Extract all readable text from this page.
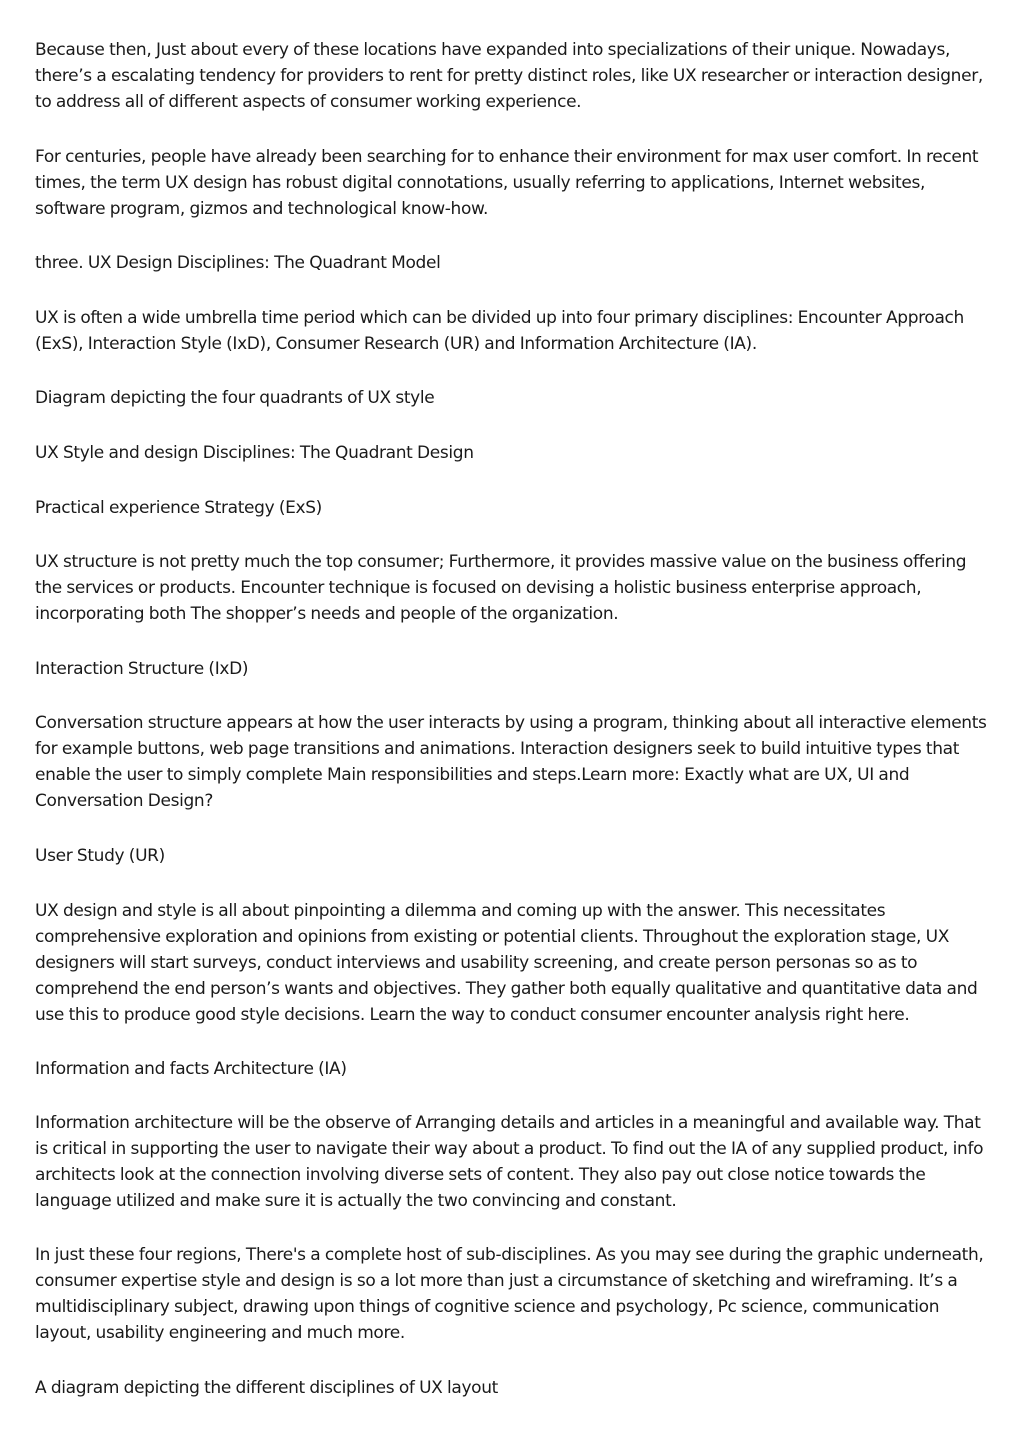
Because then, Just about every of these locations have expanded into specializations of their unique. Nowadays, there’s a escalating tendency for providers to rent for pretty distinct roles, like UX researcher or interaction designer, to address all of different aspects of consumer working experience.

For centuries, people have already been searching for to enhance their environment for max user comfort. In recent times, the term UX design has robust digital connotations, usually referring to applications, Internet websites, software program, gizmos and technological know-how.

three. UX Design Disciplines: The Quadrant Model

UX is often a wide umbrella time period which can be divided up into four primary disciplines: Encounter Approach (ExS), Interaction Style (IxD), Consumer Research (UR) and Information Architecture (IA).

Diagram depicting the four quadrants of UX style

UX Style and design Disciplines: The Quadrant Design

Practical experience Strategy (ExS)

UX structure is not pretty much the top consumer; Furthermore, it provides massive value on the business offering the services or products. Encounter technique is focused on devising a holistic business enterprise approach, incorporating both The shopper’s needs and people of the organization.

Interaction Structure (IxD)

Conversation structure appears at how the user interacts by using a program, thinking about all interactive elements for example buttons, web page transitions and animations. Interaction designers seek to build intuitive types that enable the user to simply complete Main responsibilities and steps.Learn more: Exactly what are UX, UI and Conversation Design?

User Study (UR)

UX design and style is all about pinpointing a dilemma and coming up with the answer. This necessitates comprehensive exploration and opinions from existing or potential clients. Throughout the exploration stage, UX designers will start surveys, conduct interviews and usability screening, and create person personas so as to comprehend the end person’s wants and objectives. They gather both equally qualitative and quantitative data and use this to produce good style decisions. Learn the way to conduct consumer encounter analysis right here.

Information and facts Architecture (IA)

Information architecture will be the observe of Arranging details and articles in a meaningful and available way. That is critical in supporting the user to navigate their way about a product. To find out the IA of any supplied product, info architects look at the connection involving diverse sets of content. They also pay out close notice towards the language utilized and make sure it is actually the two convincing and constant.

In just these four regions, There's a complete host of sub-disciplines. As you may see during the graphic underneath, consumer expertise style and design is so a lot more than just a circumstance of sketching and wireframing. It’s a multidisciplinary subject, drawing upon things of cognitive science and psychology, Pc science, communication layout, usability engineering and much more.

A diagram depicting the different disciplines of UX layout
